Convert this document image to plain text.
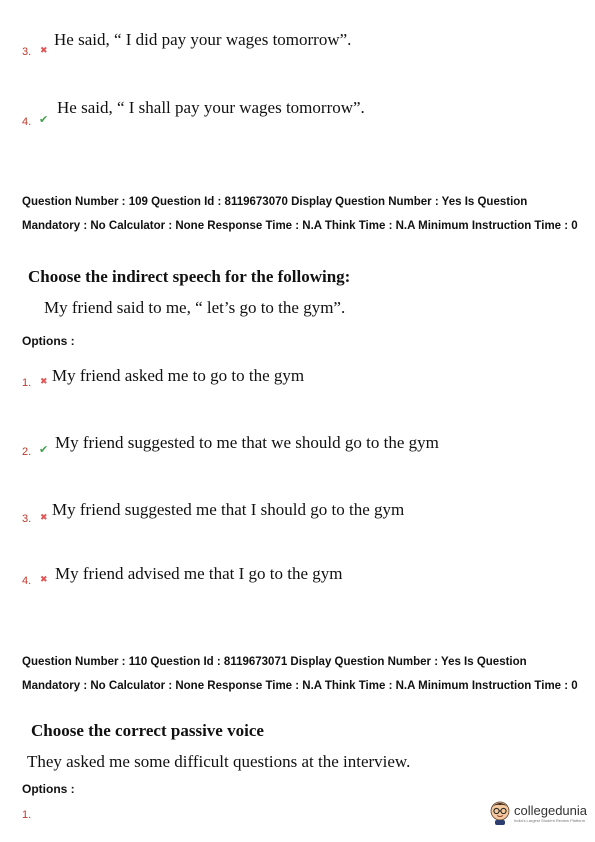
3. ✖
He said, “ I did pay your wages tomorrow”.
4. ✔
He said, “ I shall pay your wages tomorrow”.
Question Number : 109 Question Id : 8119673070 Display Question Number : Yes Is Question Mandatory : No Calculator : None Response Time : N.A Think Time : N.A Minimum Instruction Time : 0
Choose the indirect speech for the following:
My friend said to me, “ let’s go to the gym”.
Options :
1. ✖ My friend asked me to go to the gym
2. ✔ My friend suggested to me that we should go to the gym
3. ✖ My friend suggested me that I should go to the gym
4. ✖ My friend advised me that I go to the gym
Question Number : 110 Question Id : 8119673071 Display Question Number : Yes Is Question Mandatory : No Calculator : None Response Time : N.A Think Time : N.A Minimum Instruction Time : 0
Choose the correct passive voice
They asked me some difficult questions at the interview.
Options :
1.	collegedunia
India's Largest Student Review Platform
